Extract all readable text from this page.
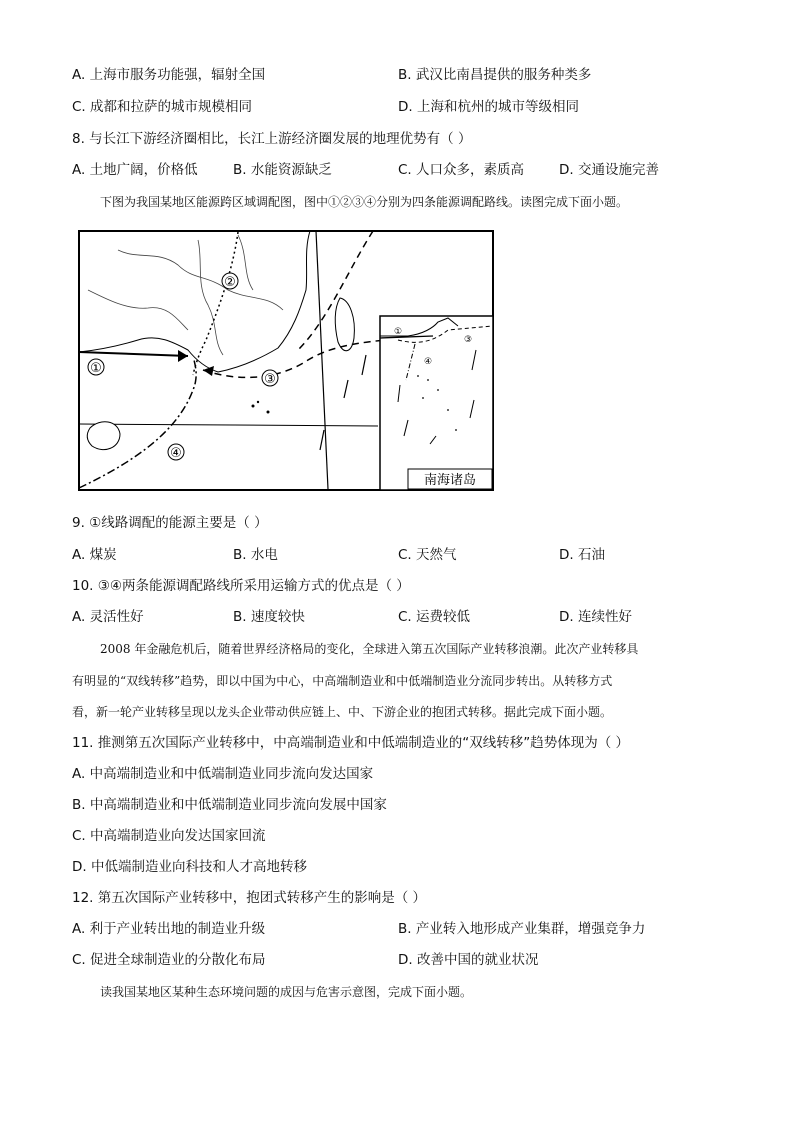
A. 上海市服务功能强，辐射全国	B. 武汉比南昌提供的服务种类多
C. 成都和拉萨的城市规模相同	D. 上海和杭州的城市等级相同
8. 与长江下游经济圈相比，长江上游经济圈发展的地理优势有（ ）
A. 土地广阔，价格低	B. 水能资源缺乏	C. 人口众多，素质高	D. 交通设施完善
下图为我国某地区能源跨区域调配图，图中①②③④分别为四条能源调配路线。读图完成下面小题。
①
②
③
④
①
③
④
南海诸岛
9. ①线路调配的能源主要是（ ）
A. 煤炭	B. 水电	C. 天然气	D. 石油
10. ③④两条能源调配路线所采用运输方式的优点是（ ）
A. 灵活性好	B. 速度较快	C. 运费较低	D. 连续性好
2008 年金融危机后，随着世界经济格局的变化，全球进入第五次国际产业转移浪潮。此次产业转移具
有明显的“双线转移”趋势，即以中国为中心，中高端制造业和中低端制造业分流同步转出。从转移方式
看，新一轮产业转移呈现以龙头企业带动供应链上、中、下游企业的抱团式转移。据此完成下面小题。
11. 推测第五次国际产业转移中，中高端制造业和中低端制造业的“双线转移”趋势体现为（ ）
A. 中高端制造业和中低端制造业同步流向发达国家
B. 中高端制造业和中低端制造业同步流向发展中国家
C. 中高端制造业向发达国家回流
D. 中低端制造业向科技和人才高地转移
12. 第五次国际产业转移中，抱团式转移产生的影响是（ ）
A. 利于产业转出地的制造业升级	B. 产业转入地形成产业集群，增强竞争力
C. 促进全球制造业的分散化布局	D. 改善中国的就业状况
读我国某地区某种生态环境问题的成因与危害示意图，完成下面小题。
